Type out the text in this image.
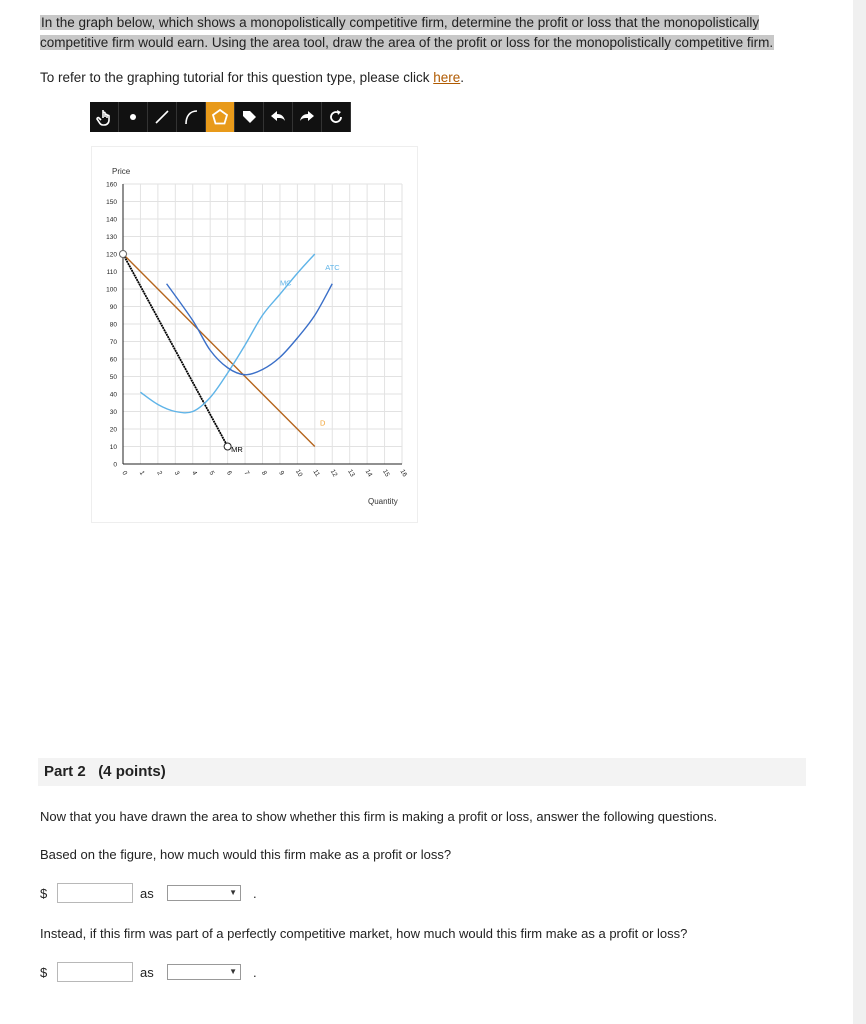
In the graph below, which shows a monopolistically competitive firm, determine the profit or loss that the monopolistically competitive firm would earn. Using the area tool, draw the area of the profit or loss for the monopolistically competitive firm.
To refer to the graphing tutorial for this question type, please click here.
Price
Quantity
0
10
20
30
40
50
60
70
80
90
100
110
120
130
140
150
160
0 1 2 3 4 5 6 7 8 9 10 11 12 13 14 15 16
D
MR
MC
ATC
Part 2   (4 points)
Now that you have drawn the area to show whether this firm is making a profit or loss, answer the following questions.
Based on the figure, how much would this firm make as a profit or loss?
$	as	▼ .
Instead, if this firm was part of a perfectly competitive market, how much would this firm make as a profit or loss?
$	as	▼ .
